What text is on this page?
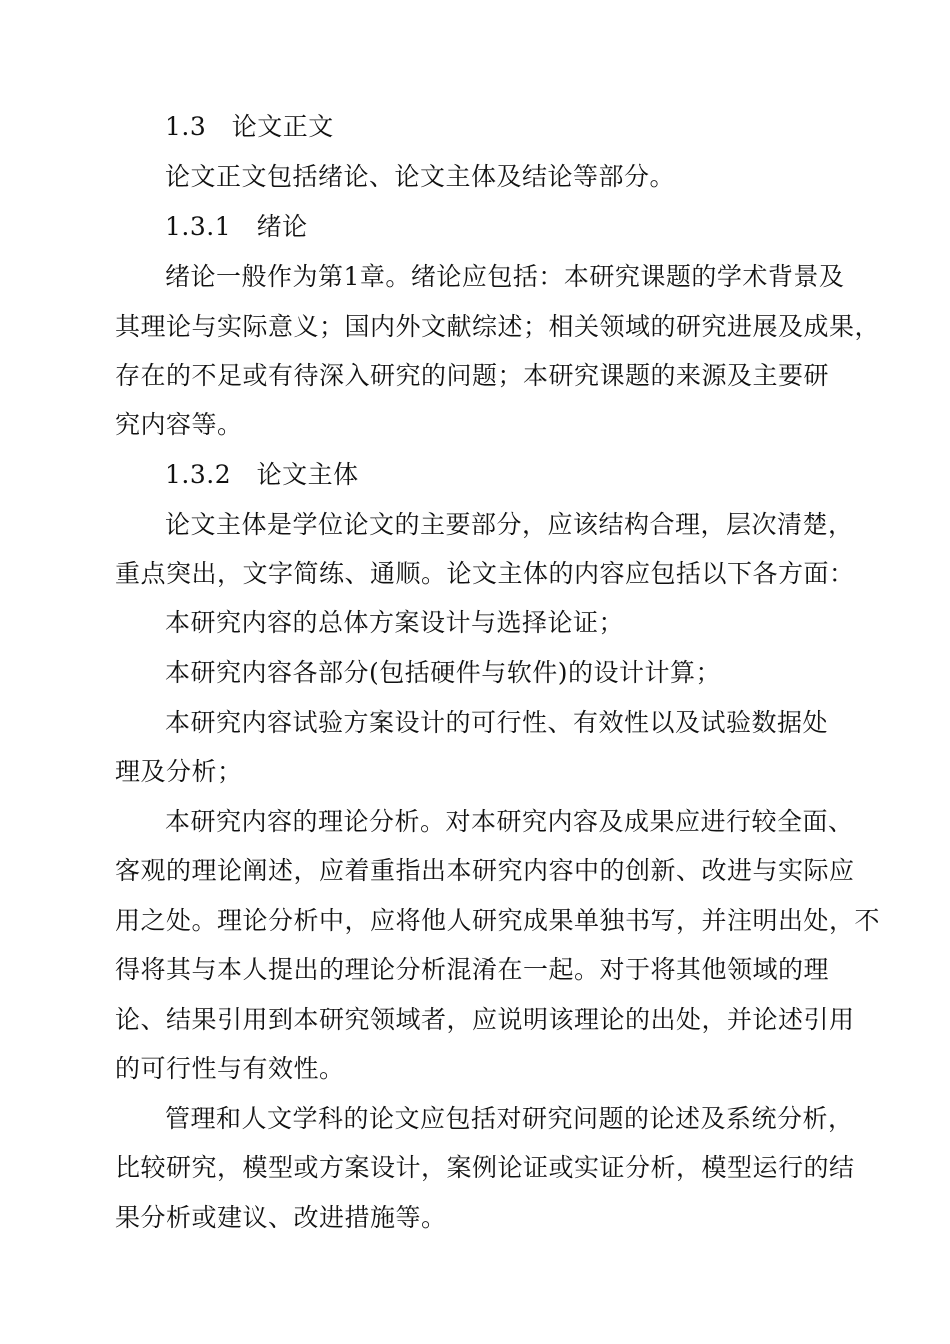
1.3　论文正文
论文正文包括绪论、论文主体及结论等部分。
1.3.1　绪论
绪论一般作为第1章。绪论应包括：本研究课题的学术背景及
其理论与实际意义；国内外文献综述；相关领域的研究进展及成果，
存在的不足或有待深入研究的问题；本研究课题的来源及主要研
究内容等。
1.3.2　论文主体
论文主体是学位论文的主要部分，应该结构合理，层次清楚，
重点突出，文字简练、通顺。论文主体的内容应包括以下各方面：
本研究内容的总体方案设计与选择论证；
本研究内容各部分(包括硬件与软件)的设计计算；
本研究内容试验方案设计的可行性、有效性以及试验数据处
理及分析；
本研究内容的理论分析。对本研究内容及成果应进行较全面、
客观的理论阐述，应着重指出本研究内容中的创新、改进与实际应
用之处。理论分析中，应将他人研究成果单独书写，并注明出处，不
得将其与本人提出的理论分析混淆在一起。对于将其他领域的理
论、结果引用到本研究领域者，应说明该理论的出处，并论述引用
的可行性与有效性。
管理和人文学科的论文应包括对研究问题的论述及系统分析，
比较研究，模型或方案设计，案例论证或实证分析，模型运行的结
果分析或建议、改进措施等。
